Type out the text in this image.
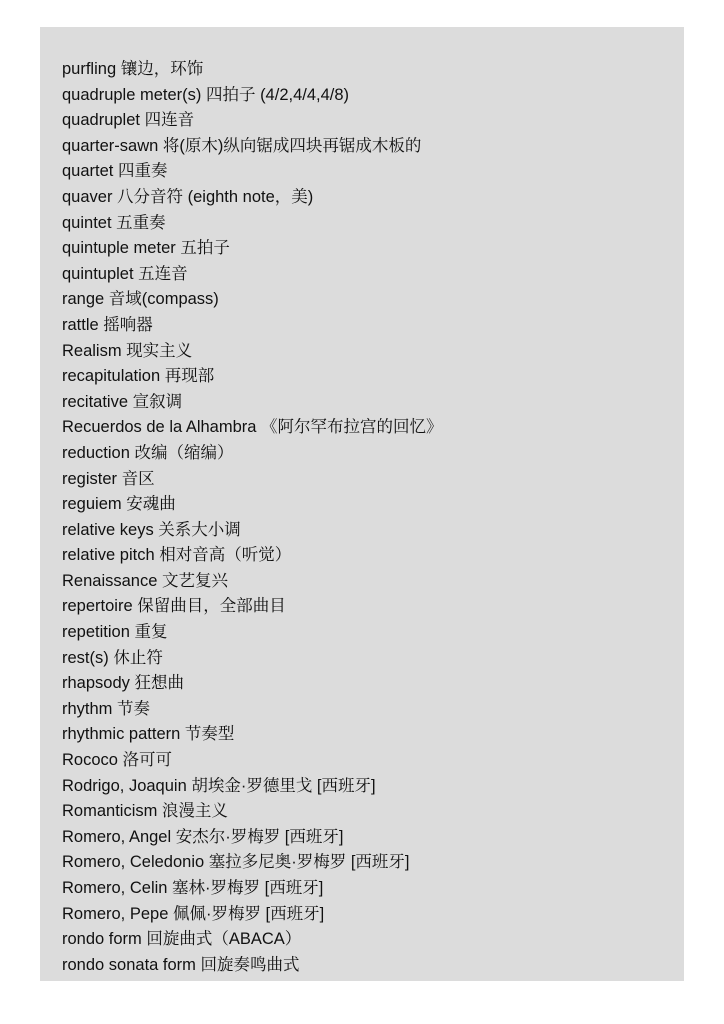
purfling 镶边，环饰
quadruple meter(s) 四拍子 (4/2,4/4,4/8)
quadruplet 四连音
quarter-sawn 将(原木)纵向锯成四块再锯成木板的
quartet 四重奏
quaver 八分音符 (eighth note，美)
quintet 五重奏
quintuple meter 五拍子
quintuplet 五连音
range 音域(compass)
rattle 摇响器
Realism 现实主义
recapitulation 再现部
recitative 宣叙调
Recuerdos de la Alhambra 《阿尔罕布拉宫的回忆》
reduction 改编（缩编）
register 音区
reguiem 安魂曲
relative keys 关系大小调
relative pitch 相对音高（听觉）
Renaissance 文艺复兴
repertoire 保留曲目，全部曲目
repetition 重复
rest(s) 休止符
rhapsody 狂想曲
rhythm 节奏
rhythmic pattern 节奏型
Rococo 洛可可
Rodrigo, Joaquin 胡埃金·罗德里戈 [西班牙]
Romanticism 浪漫主义
Romero, Angel 安杰尔·罗梅罗 [西班牙]
Romero, Celedonio 塞拉多尼奥·罗梅罗 [西班牙]
Romero, Celin 塞林·罗梅罗 [西班牙]
Romero, Pepe 佩佩·罗梅罗 [西班牙]
rondo form 回旋曲式（ABACA）
rondo sonata form 回旋奏鸣曲式
